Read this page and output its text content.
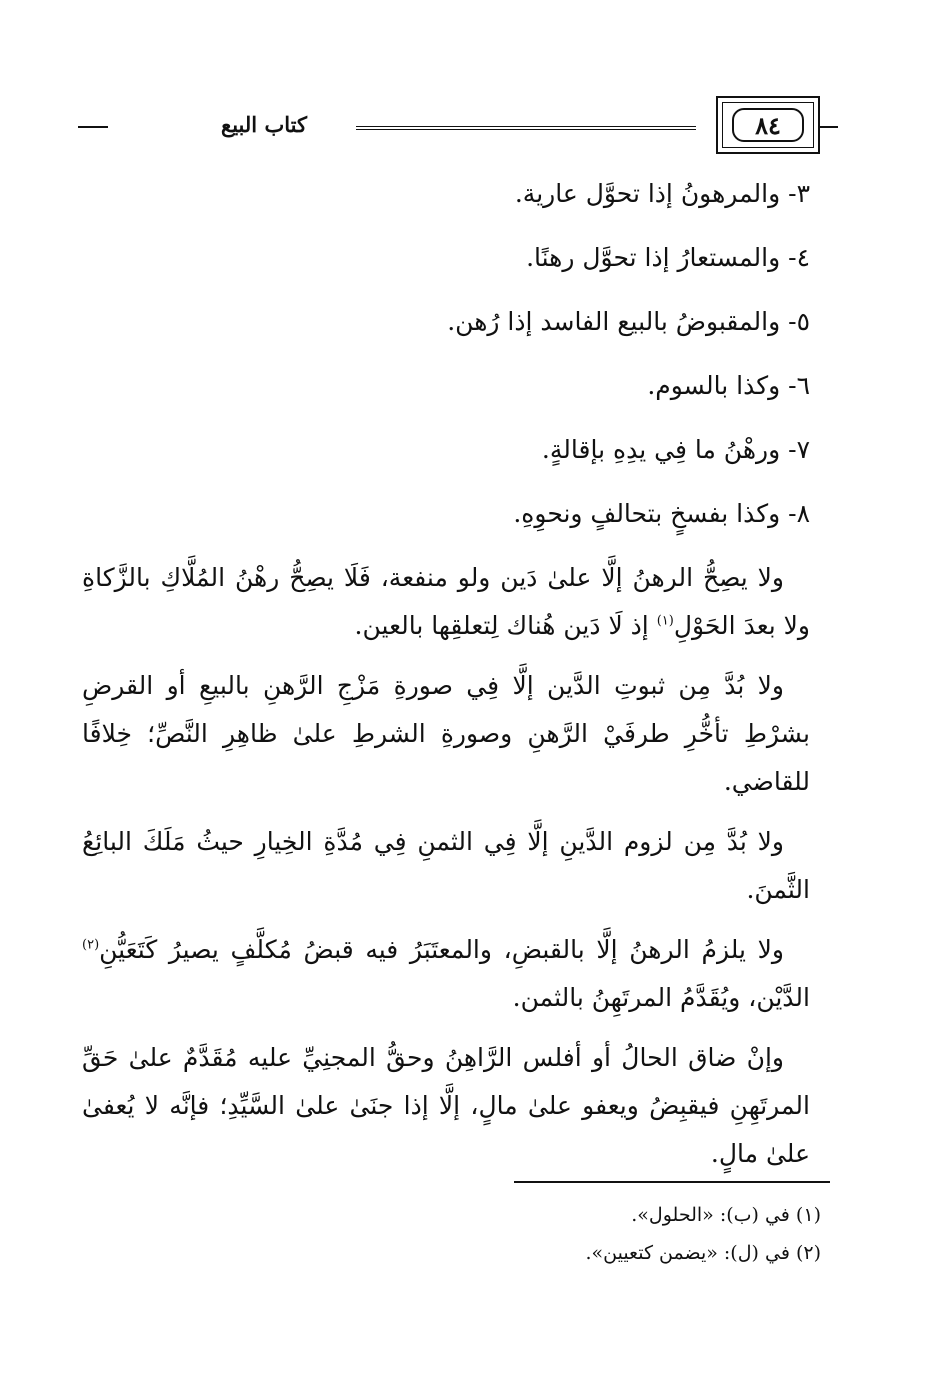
كتاب البيع	٨٤
٣- والمرهونُ إذا تحوَّل عارية.
٤- والمستعارُ إذا تحوَّل رهنًا.
٥- والمقبوضُ بالبيع الفاسد إذا رُهن.
٦- وكذا بالسوم.
٧- ورهْنُ ما فِي يدِهِ بإقالةٍ.
٨- وكذا بفسخٍ بتحالفٍ ونحوِهِ.

ولا يصِحُّ الرهنُ إلَّا علىٰ دَين ولو منفعة، فَلَا يصِحُّ رهْنُ المُلَّاكِ بالزَّكاةِ ولا بعدَ الحَوْلِ$^{(١)}$ إذ لَا دَين هُناك لِتعلقِها بالعين.

ولا بُدَّ مِن ثبوتِ الدَّين إلَّا فِي صورةِ مَزْجِ الرَّهنِ بالبيعِ أو القرضِ بشرْطِ تأخُّرِ طرفَيْ الرَّهنِ وصورةِ الشرطِ علىٰ ظاهِرِ النَّصِّ؛ خِلافًا للقاضي.

ولا بُدَّ مِن لزوم الدَّينِ إلَّا فِي الثمنِ فِي مُدَّةِ الخِيارِ حيثُ مَلَكَ البائِعُ الثَّمنَ.

ولا يلزمُ الرهنُ إلَّا بالقبضِ، والمعتَبَرُ فيه قبضُ مُكلَّفٍ يصيرُ كَتَعَيُّنِ$^{(٢)}$ الدَّيْن، ويُقَدَّمُ المرتَهِنُ بالثمن.

وإنْ ضاق الحالُ أو أفلس الرَّاهِنُ وحقُّ المجنِيِّ عليه مُقَدَّمٌ علىٰ حَقِّ المرتَهِنِ فيقبِضُ ويعفو علىٰ مالٍ، إلَّا إذا جنَىٰ علىٰ السَّيِّدِ؛ فإنَّه لا يُعفىٰ علىٰ مالٍ.

(١) في (ب): «الحلول».
(٢) في (ل): «يضمن كتعيين».
